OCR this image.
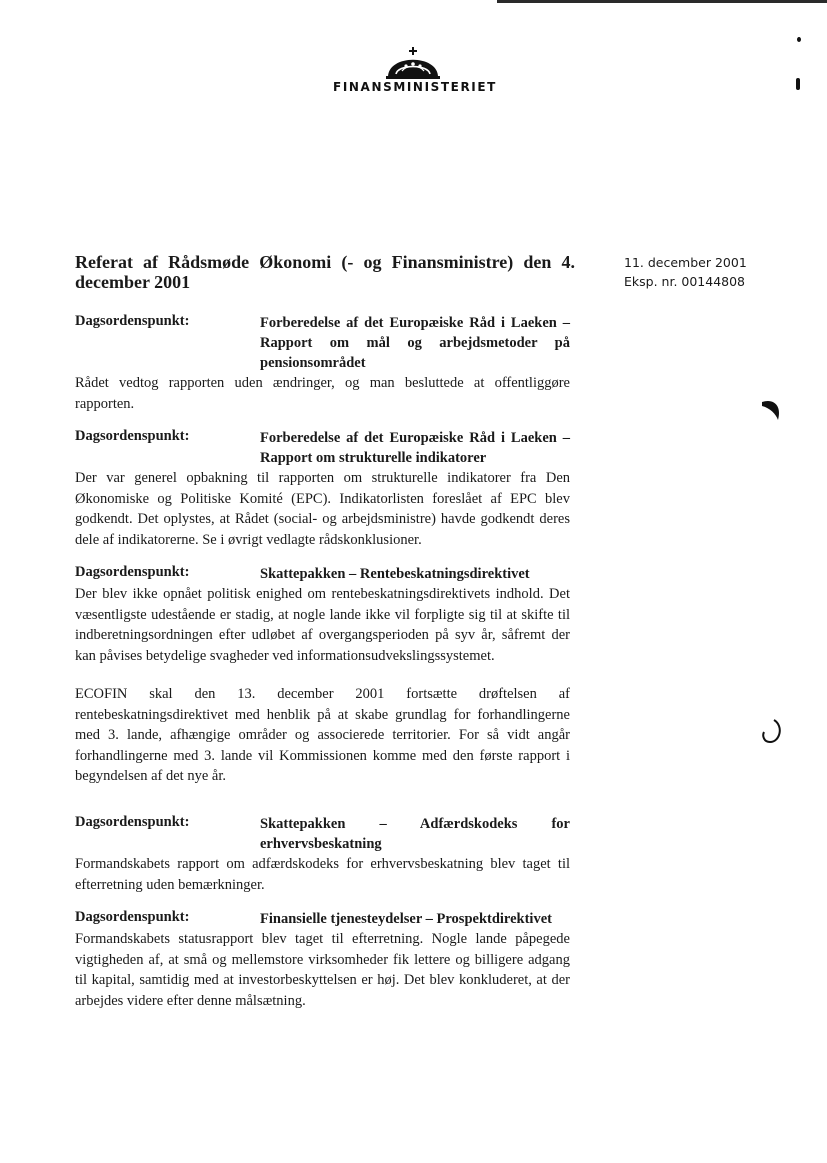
FINANSMINISTERIET
Referat af Rådsmøde Økonomi (- og Finansministre) den 4. december 2001
11. december 2001
Eksp. nr. 00144808
Dagsordenspunkt:	Forberedelse af det Europæiske Råd i Laeken – Rapport om mål og arbejdsmetoder på pensionsområdet

Rådet vedtog rapporten uden ændringer, og man besluttede at offentliggøre rapporten.

Dagsordenspunkt:	Forberedelse af det Europæiske Råd i Laeken – Rapport om strukturelle indikatorer

Der var generel opbakning til rapporten om strukturelle indikatorer fra Den Økonomiske og Politiske Komité (EPC). Indikatorlisten foreslået af EPC blev godkendt. Det oplystes, at Rådet (social- og arbejdsministre) havde godkendt deres dele af indikatorerne. Se i øvrigt vedlagte rådskonklusioner.

Dagsordenspunkt:	Skattepakken – Rentebeskatningsdirektivet

Der blev ikke opnået politisk enighed om rentebeskatningsdirektivets indhold. Det væsentligste udestående er stadig, at nogle lande ikke vil forpligte sig til at skifte til indberetningsordningen efter udløbet af overgangsperioden på syv år, såfremt der kan påvises betydelige svagheder ved informationsudvekslingssystemet.

ECOFIN skal den 13. december 2001 fortsætte drøftelsen af rentebeskatningsdirektivet med henblik på at skabe grundlag for forhandlingerne med 3. lande, afhængige områder og associerede territorier. For så vidt angår forhandlingerne med 3. lande vil Kommissionen komme med den første rapport i begyndelsen af det nye år.

Dagsordenspunkt:	Skattepakken – Adfærdskodeks for erhvervsbeskatning

Formandskabets rapport om adfærdskodeks for erhvervsbeskatning blev taget til efterretning uden bemærkninger.

Dagsordenspunkt:	Finansielle tjenesteydelser – Prospektdirektivet

Formandskabets statusrapport blev taget til efterretning. Nogle lande påpegede vigtigheden af, at små og mellemstore virksomheder fik lettere og billigere adgang til kapital, samtidig med at investorbeskyttelsen er høj. Det blev konkluderet, at der arbejdes videre efter denne målsætning.
